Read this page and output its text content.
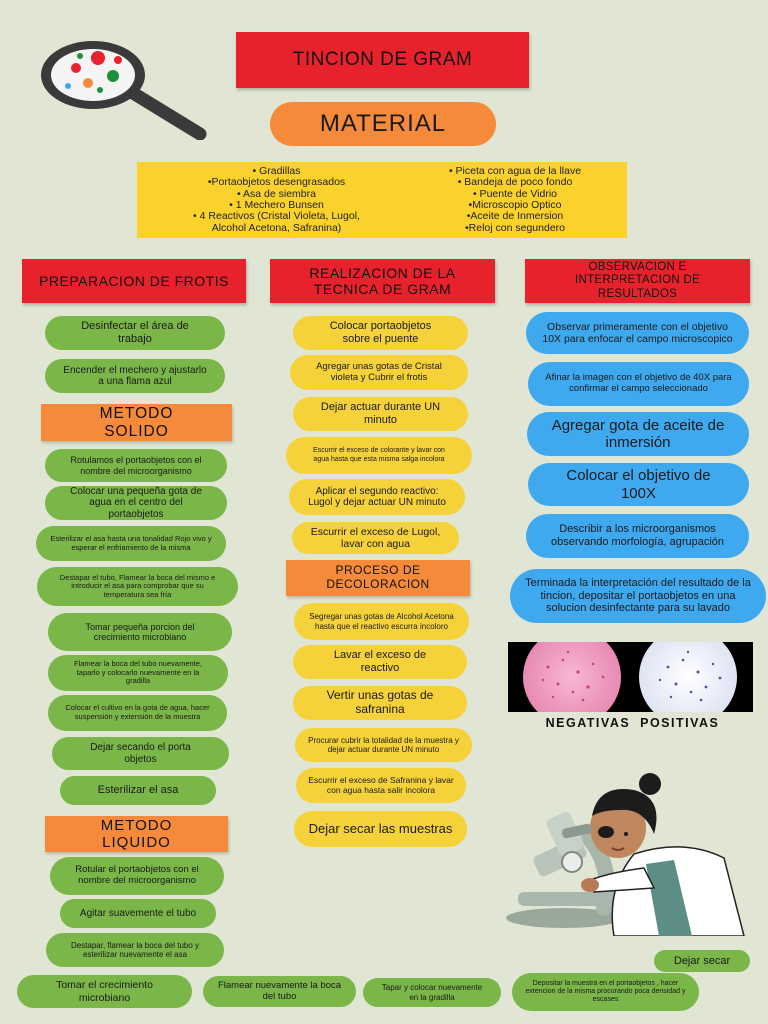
TINCION DE GRAM
MATERIAL
• Gradillas
•Portaobjetos desengrasados
• Asa de siembra
• 1 Mechero Bunsen
• 4 Reactivos (Cristal Violeta, Lugol,
Alcohol Acetona, Safranina)
• Piceta con agua de la llave
• Bandeja de poco fondo
• Puente de Vidrio
•Microscopio Optico
•Aceite de Inmersion
•Reloj con segundero
PREPARACION DE FROTIS
REALIZACION DE LA TECNICA DE GRAM
OBSERVACION E INTERPRETACION DE RESULTADOS
Desinfectar el área de trabajo
Encender el mechero y ajustarlo a una flama azul
METODO SOLIDO
Rotulamos el portaobjetos con el nombre del microorganismo
Colocar una pequeña gota de agua en el centro del portaobjetos
Esterilizar el asa hasta una tonalidad Rojo vivo y esperar el enfriamiento de la misma
Destapar el tubo, Flamear la boca del mismo e introducir el asa para comprobar que su temperatura sea fría
Tomar pequeña porcion del crecimiento microbiano
Flamear la boca del tubo nuevamente, taparlo y colocarlo nuevamente en la gradilla
Colocar el cultivo en la gota de agua, hacer suspensión y extensión de la muestra
Dejar secando el porta objetos
Esterilizar el asa
METODO LIQUIDO
Rotular el portaobjetos con el nombre del microorganismo
Agitar suavemente el tubo
Destapar, flamear la boca del tubo y esterilizar nuevamente el asa
Tomar el crecimiento microbiano
Flamear nuevamente la boca del tubo
Tapar y colocar nuevamente en la gradilla
Depositar la muestra en el portaobjetos , hacer extencion de la misma procurando poca densidad y escases
Dejar secar
Colocar portaobjetos sobre el puente
Agregar unas gotas de Cristal violeta y Cubrir el frotis
Dejar actuar durante UN minuto
Escurrir el exceso de colorante y lavar con agua hasta que esta misma salga incolora
Aplicar el segundo reactivo: Lugol y dejar actuar UN minuto
Escurrir el exceso de Lugol, lavar con agua
PROCESO DE DECOLORACION
Segregar unas gotas de Alcohol Acetona hasta que el reactivo escurra incoloro
Lavar el exceso de reactivo
Vertir unas gotas de safranina
Procurar cubrir la totalidad de la muestra y dejar actuar durante UN minuto
Escurrir el exceso de Safranina y lavar con agua hasta salir incolora
Dejar secar las muestras
Observar primeramente con el objetivo 10X para enfocar el campo microscopico
Afinar la imagen con el objetivo de 40X para confirmar el campo seleccionado
Agregar gota de aceite de inmersión
Colocar el objetivo de 100X
Describir a los microorganismos observando morfología, agrupación
Terminada la interpretación del resultado de la tincion, depositar el portaobjetos en una solucion desinfectante para su lavado
NEGATIVAS  POSITIVAS
